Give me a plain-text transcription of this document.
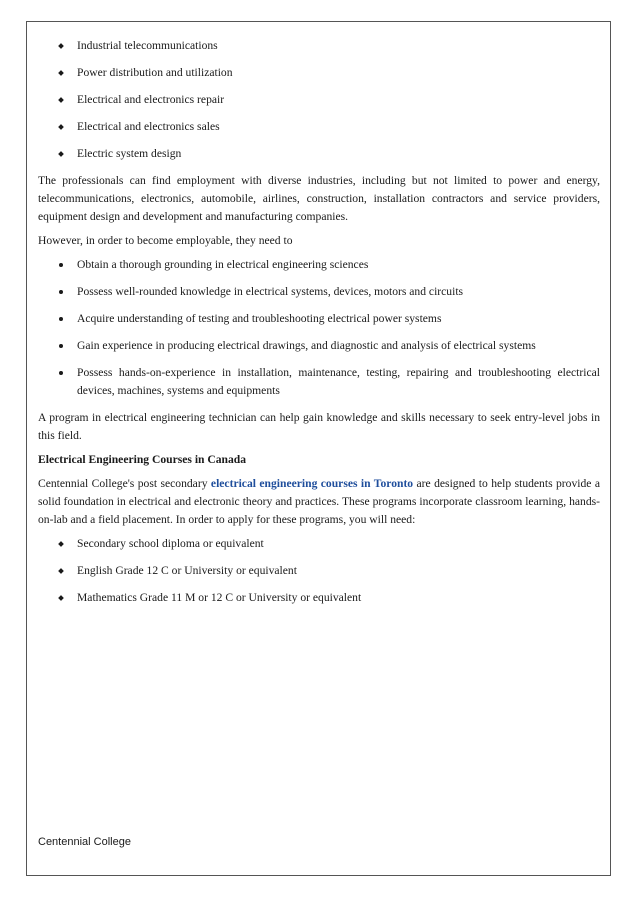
Industrial telecommunications
Power distribution and utilization
Electrical and electronics repair
Electrical and electronics sales
Electric system design

The professionals can find employment with diverse industries, including but not limited to power and energy, telecommunications, electronics, automobile, airlines, construction, installation contractors and service providers, equipment design and development and manufacturing companies.

However, in order to become employable, they need to

Obtain a thorough grounding in electrical engineering sciences
Possess well-rounded knowledge in electrical systems, devices, motors and circuits
Acquire understanding of testing and troubleshooting electrical power systems
Gain experience in producing electrical drawings, and diagnostic and analysis of electrical systems
Possess hands-on-experience in installation, maintenance, testing, repairing and troubleshooting electrical devices, machines, systems and equipments

A program in electrical engineering technician can help gain knowledge and skills necessary to seek entry-level jobs in this field.

Electrical Engineering Courses in Canada

Centennial College's post secondary electrical engineering courses in Toronto are designed to help students provide a solid foundation in electrical and electronic theory and practices. These programs incorporate classroom learning, hands-on-lab and a field placement. In order to apply for these programs, you will need:

Secondary school diploma or equivalent
English Grade 12 C or University or equivalent
Mathematics Grade 11 M or 12 C or University or equivalent
Centennial College
